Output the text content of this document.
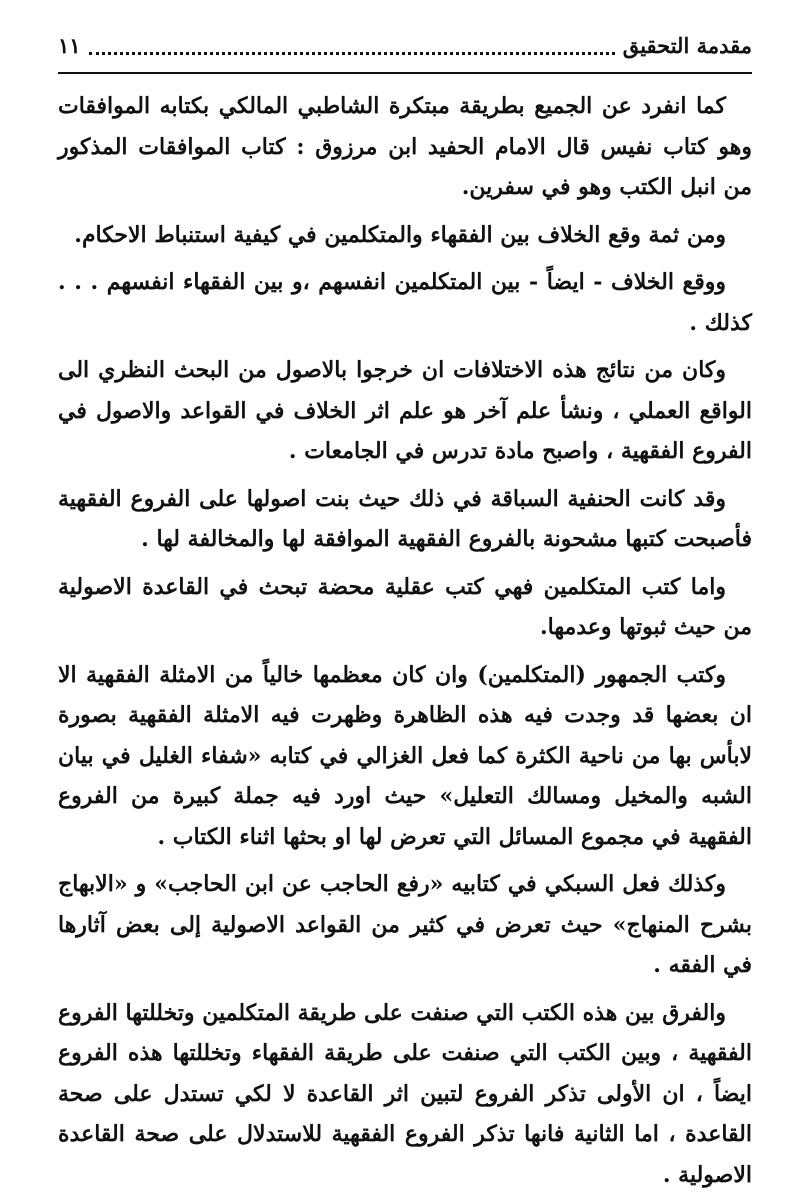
مقدمة التحقيق
١١

كما انفرد عن الجميع بطريقة مبتكرة الشاطبي المالكي بكتابه الموافقات وهو كتاب نفيس قال الامام الحفيد ابن مرزوق : كتاب الموافقات المذكور من انبل الكتب وهو في سفرين.

ومن ثمة وقع الخلاف بين الفقهاء والمتكلمين في كيفية استنباط الاحكام.

ووقع الخلاف - ايضاً - بين المتكلمين انفسهم ،و بين الفقهاء انفسهم . . . كذلك .

وكان من نتائج هذه الاختلافات ان خرجوا بالاصول من البحث النظري الى الواقع العملي ، ونشأ علم آخر هو علم اثر الخلاف في القواعد والاصول في الفروع الفقهية ، واصبح مادة تدرس في الجامعات .

وقد كانت الحنفية السباقة في ذلك حيث بنت اصولها على الفروع الفقهية فأصبحت كتبها مشحونة بالفروع الفقهية الموافقة لها والمخالفة لها .

واما كتب المتكلمين فهي كتب عقلية محضة تبحث في القاعدة الاصولية من حيث ثبوتها وعدمها.

وكتب الجمهور (المتكلمين) وان كان معظمها خالياً من الامثلة الفقهية الا ان بعضها قد وجدت فيه هذه الظاهرة وظهرت فيه الامثلة الفقهية بصورة لابأس بها من ناحية الكثرة كما فعل الغزالي في كتابه «شفاء الغليل في بيان الشبه والمخيل ومسالك التعليل» حيث اورد فيه جملة كبيرة من الفروع الفقهية في مجموع المسائل التي تعرض لها او بحثها اثناء الكتاب .

وكذلك فعل السبكي في كتابيه «رفع الحاجب عن ابن الحاجب» و «الابهاج بشرح المنهاج» حيث تعرض في كثير من القواعد الاصولية إلى بعض آثارها في الفقه .

والفرق بين هذه الكتب التي صنفت على طريقة المتكلمين وتخللتها الفروع الفقهية ، وبين الكتب التي صنفت على طريقة الفقهاء وتخللتها هذه الفروع ايضاً ، ان الأولى تذكر الفروع لتبين اثر القاعدة لا لكي تستدل على صحة القاعدة ، اما الثانية فانها تذكر الفروع الفقهية للاستدلال على صحة القاعدة الاصولية .
